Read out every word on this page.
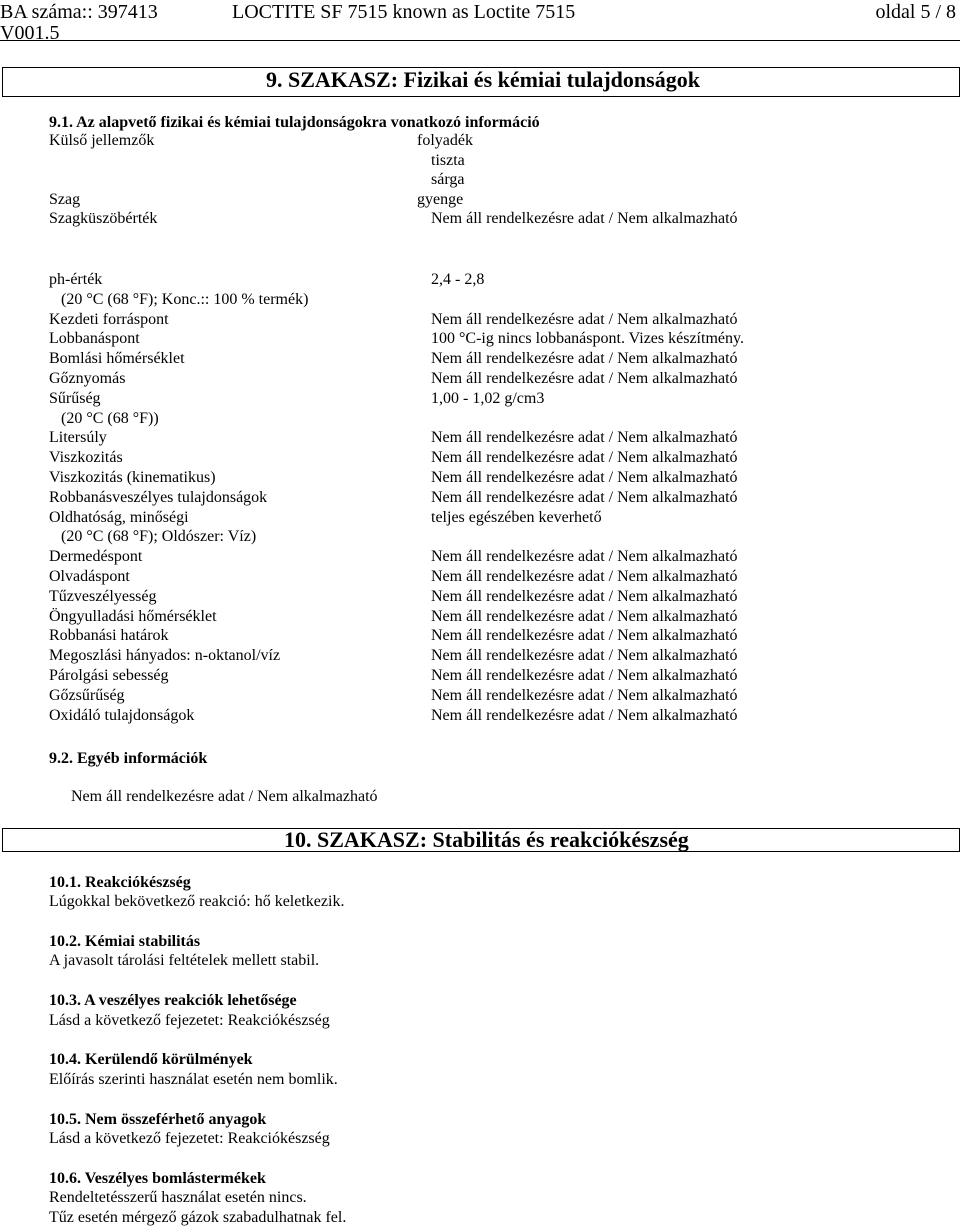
BA száma:: 397413
V001.5
LOCTITE SF 7515 known as Loctite 7515	oldal 5 / 8
9. SZAKASZ: Fizikai és kémiai tulajdonságok
9.1. Az alapvető fizikai és kémiai tulajdonságokra vonatkozó információ
Külső jellemzők	folyadék
tiszta
sárga
Szag	gyenge
Szagküszöbérték	Nem áll rendelkezésre adat / Nem alkalmazható
ph-érték	2,4 - 2,8
(20 °C (68 °F); Konc.:: 100 % termék)
Kezdeti forráspont	Nem áll rendelkezésre adat / Nem alkalmazható
Lobbanáspont	100 °C-ig nincs lobbanáspont. Vizes készítmény.
Bomlási hőmérséklet	Nem áll rendelkezésre adat / Nem alkalmazható
Gőznyomás	Nem áll rendelkezésre adat / Nem alkalmazható
Sűrűség	1,00 - 1,02 g/cm3
(20 °C (68 °F))
Litersúly	Nem áll rendelkezésre adat / Nem alkalmazható
Viszkozitás	Nem áll rendelkezésre adat / Nem alkalmazható
Viszkozitás (kinematikus)	Nem áll rendelkezésre adat / Nem alkalmazható
Robbanásveszélyes tulajdonságok	Nem áll rendelkezésre adat / Nem alkalmazható
Oldhatóság, minőségi	teljes egészében keverhető
(20 °C (68 °F); Oldószer: Víz)
Dermedéspont	Nem áll rendelkezésre adat / Nem alkalmazható
Olvadáspont	Nem áll rendelkezésre adat / Nem alkalmazható
Tűzveszélyesség	Nem áll rendelkezésre adat / Nem alkalmazható
Öngyulladási hőmérséklet	Nem áll rendelkezésre adat / Nem alkalmazható
Robbanási határok	Nem áll rendelkezésre adat / Nem alkalmazható
Megoszlási hányados: n-oktanol/víz	Nem áll rendelkezésre adat / Nem alkalmazható
Párolgási sebesség	Nem áll rendelkezésre adat / Nem alkalmazható
Gőzsűrűség	Nem áll rendelkezésre adat / Nem alkalmazható
Oxidáló tulajdonságok	Nem áll rendelkezésre adat / Nem alkalmazható
9.2. Egyéb információk
Nem áll rendelkezésre adat / Nem alkalmazható
10. SZAKASZ: Stabilitás és reakciókészség
10.1. Reakciókészség
Lúgokkal bekövetkező reakció: hő keletkezik.
10.2. Kémiai stabilitás
A javasolt tárolási feltételek mellett stabil.
10.3. A veszélyes reakciók lehetősége
Lásd a következő fejezetet: Reakciókészség
10.4. Kerülendő körülmények
Előírás szerinti használat esetén nem bomlik.
10.5. Nem összeférhető anyagok
Lásd a következő fejezetet: Reakciókészség
10.6. Veszélyes bomlástermékek
Rendeltetésszerű használat esetén nincs.
Tűz esetén mérgező gázok szabadulhatnak fel.
